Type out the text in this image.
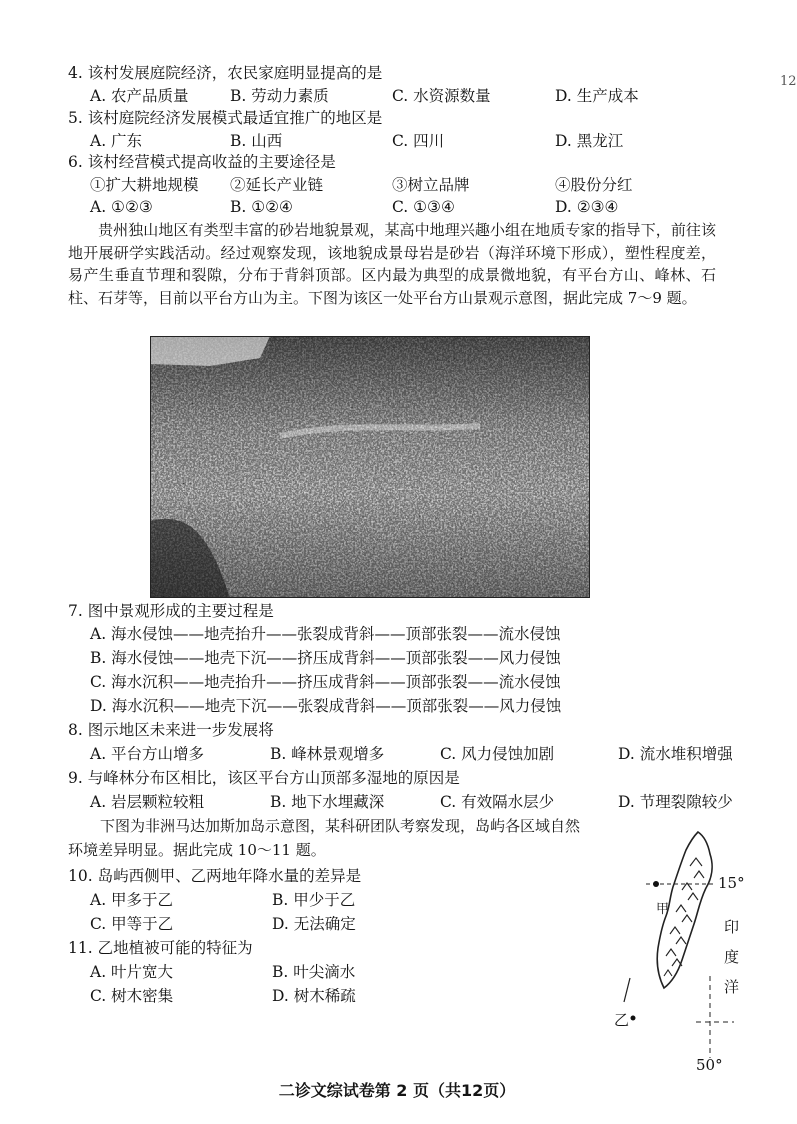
12
4. 该村发展庭院经济，农民家庭明显提高的是
A. 农产品质量	B. 劳动力素质	C. 水资源数量	D. 生产成本
5. 该村庭院经济发展模式最适宜推广的地区是
A. 广东	B. 山西	C. 四川	D. 黑龙江
6. 该村经营模式提高收益的主要途径是
①扩大耕地规模 ②延长产业链	③树立品牌	④股份分红
A. ①②③	B. ①②④	C. ①③④	D. ②③④
贵州独山地区有类型丰富的砂岩地貌景观，某高中地理兴趣小组在地质专家的指导下，前往该地开展研学实践活动。经过观察发现，该地貌成景母岩是砂岩（海洋环境下形成），塑性程度差，易产生垂直节理和裂隙，分布于背斜顶部。区内最为典型的成景微地貌，有平台方山、峰林、石柱、石芽等，目前以平台方山为主。下图为该区一处平台方山景观示意图，据此完成 7～9 题。
7. 图中景观形成的主要过程是
A. 海水侵蚀——地壳抬升——张裂成背斜——顶部张裂——流水侵蚀
B. 海水侵蚀——地壳下沉——挤压成背斜——顶部张裂——风力侵蚀
C. 海水沉积——地壳抬升——挤压成背斜——顶部张裂——流水侵蚀
D. 海水沉积——地壳下沉——张裂成背斜——顶部张裂——风力侵蚀
8. 图示地区未来进一步发展将
A. 平台方山增多	B. 峰林景观增多	C. 风力侵蚀加剧	D. 流水堆积增强
9. 与峰林分布区相比，该区平台方山顶部多湿地的原因是
A. 岩层颗粒较粗	B. 地下水埋藏深	C. 有效隔水层少	D. 节理裂隙较少
下图为非洲马达加斯加岛示意图，某科研团队考察发现，岛屿各区域自然
环境差异明显。据此完成 10～11 题。
10. 岛屿西侧甲、乙两地年降水量的差异是
A. 甲多于乙	B. 甲少于乙
C. 甲等于乙	D. 无法确定
11. 乙地植被可能的特征为
A. 叶片宽大	B. 叶尖滴水
C. 树木密集	D. 树木稀疏
15°
甲
乙
印
度
洋
50°
二诊文综试卷第 2 页（共12页）
